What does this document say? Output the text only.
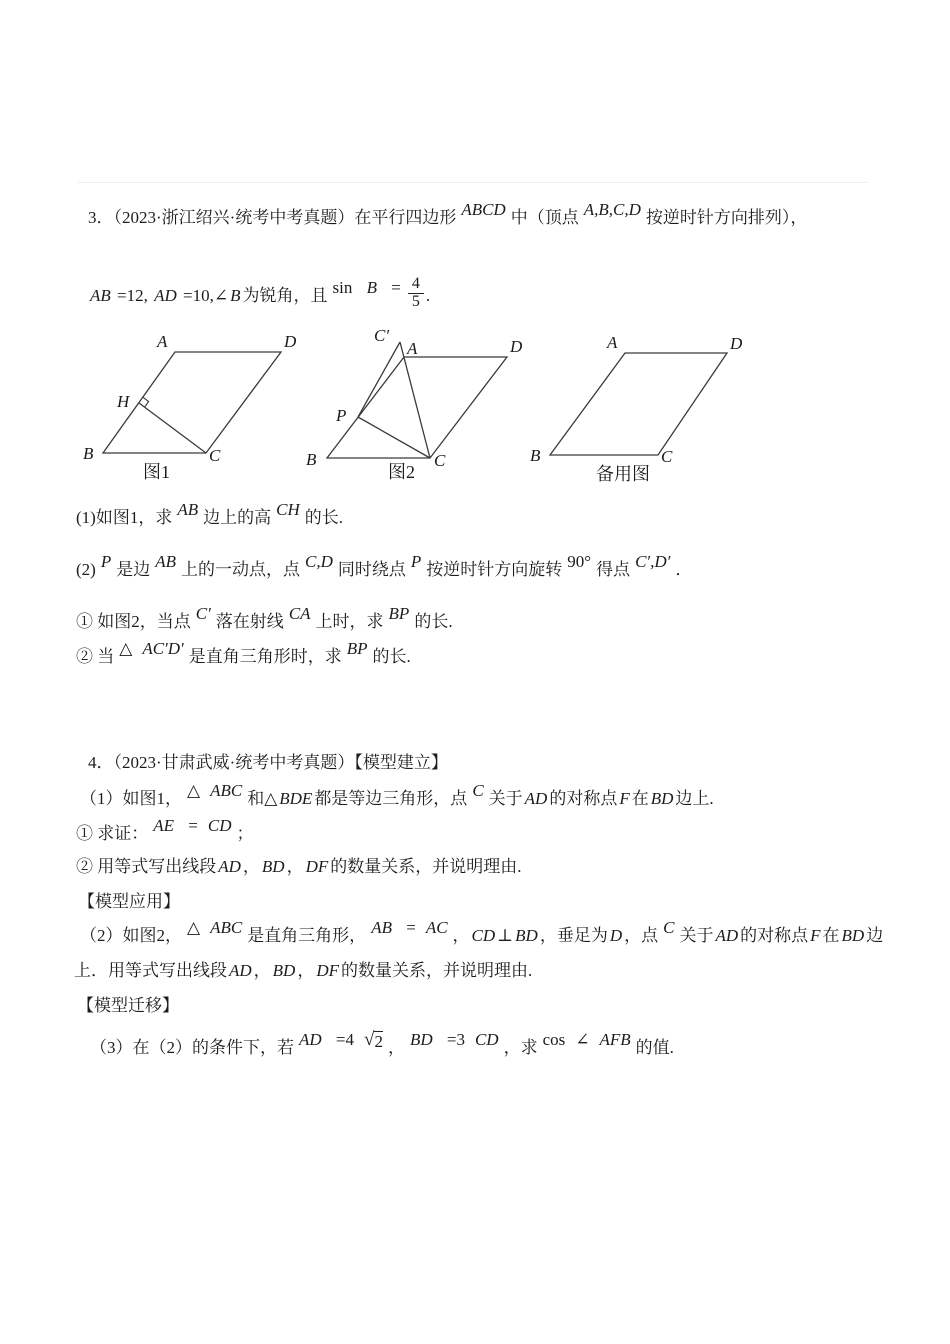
3．（2023·浙江绍兴·统考中考真题）在平行四边形 ABCD 中（顶点 A,B,C,D 按逆时针方向排列），
AB =12, AD =10,∠ B 为锐角，且 $\sin B = \frac{4}{5}$ .
A	D
B	C
H
图1
C′
A	D
P
B	C
图2
A	D
B	C
备用图
(1)如图1，求 AB 边上的高 CH 的长.
(2) P 是边 AB 上的一动点，点 C,D 同时绕点 P 按逆时针方向旋转 90° 得点 C′,D′ ．
① 如图2，当点 C′ 落在射线 CA 上时，求 BP 的长.
② 当 △ AC′D′ 是直角三角形时，求 BP 的长.
4．（2023·甘肃武威·统考中考真题）【模型建立】
（1）如图1， △ ABC 和△ BDE 都是等边三角形，点 C 关于 AD 的对称点 F 在 BD 边上.
① 求证： AE = CD ；
② 用等式写出线段 AD ， BD ， DF 的数量关系，并说明理由.
【模型应用】
（2）如图2， △ ABC 是直角三角形， AB = AC ， CD ⊥ BD ，垂足为 D ，点 C 关于 AD 的对称点 F 在 BD 边
上．用等式写出线段 AD ， BD ， DF 的数量关系，并说明理由.
【模型迁移】
（3）在（2）的条件下，若 AD =4 √ 2 ， BD =3 CD ，求 cos ∠ AFB 的值.
